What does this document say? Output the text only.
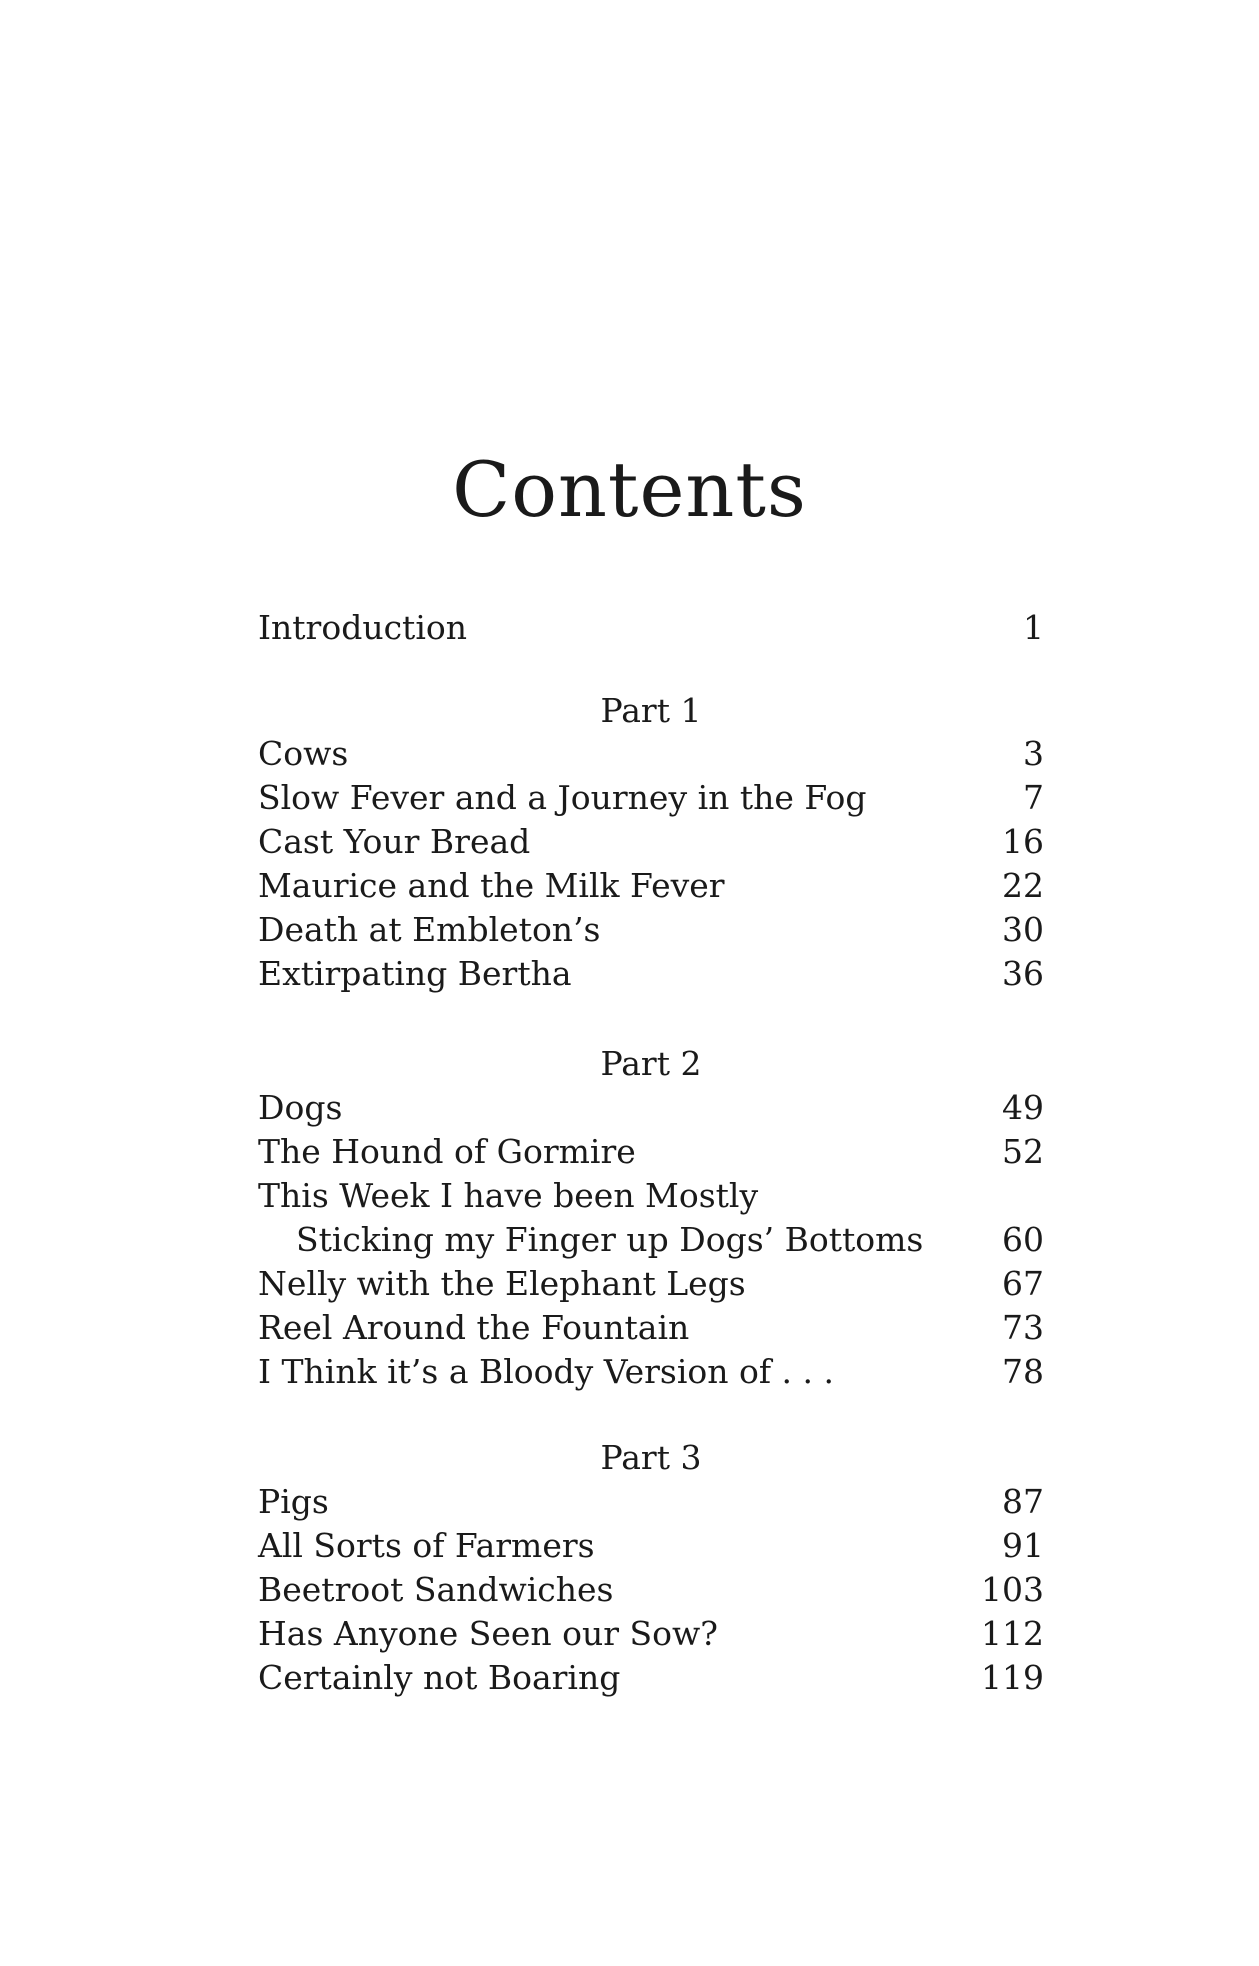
Contents
Introduction	1
Part 1
Cows	3
Slow Fever and a Journey in the Fog	7
Cast Your Bread	16
Maurice and the Milk Fever	22
Death at Embleton’s	30
Extirpating Bertha	36
Part 2
Dogs	49
The Hound of Gormire	52
This Week I have been Mostly
Sticking my Finger up Dogs’ Bottoms 60
Nelly with the Elephant Legs	67
Reel Around the Fountain	73
I Think it’s a Bloody Version of . . .	78
Part 3
Pigs	87
All Sorts of Farmers	91
Beetroot Sandwiches	103
Has Anyone Seen our Sow?	112
Certainly not Boaring	119
